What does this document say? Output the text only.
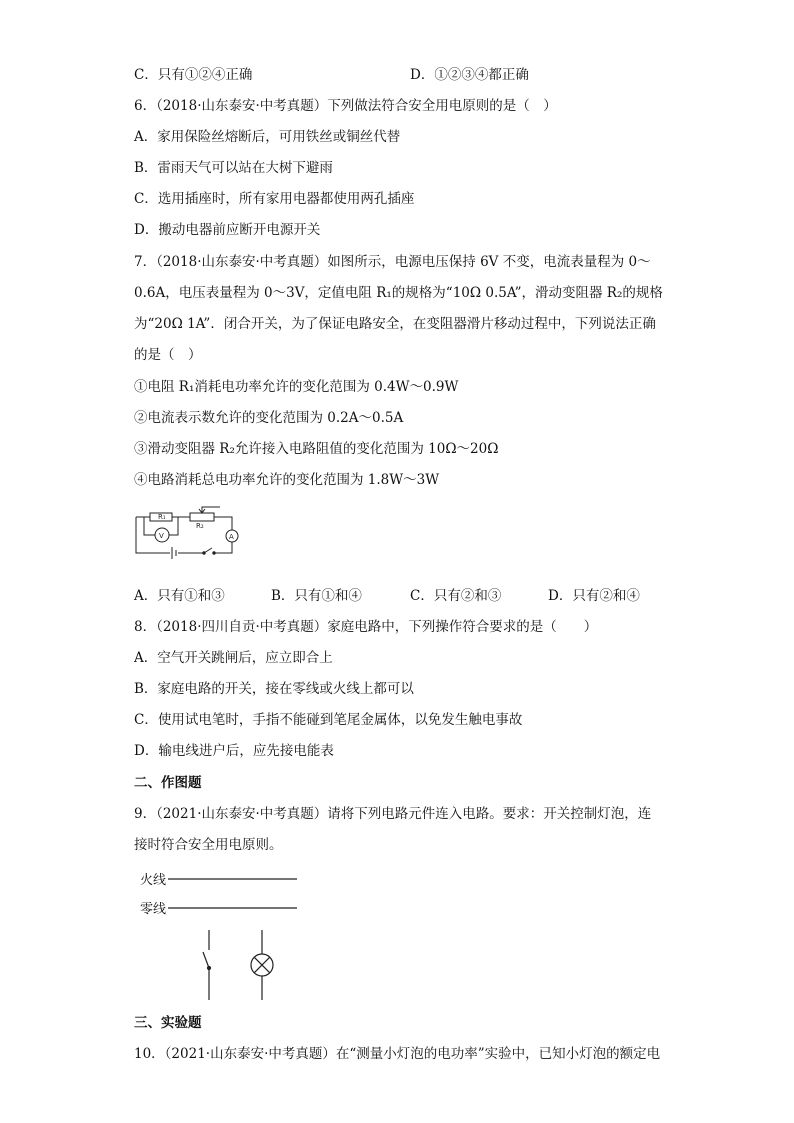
C．只有①②④正确	D．①②③④都正确
6．（2018·山东泰安·中考真题）下列做法符合安全用电原则的是（　）
A．家用保险丝熔断后，可用铁丝或铜丝代替
B．雷雨天气可以站在大树下避雨
C．选用插座时，所有家用电器都使用两孔插座
D．搬动电器前应断开电源开关
7．（2018·山东泰安·中考真题）如图所示，电源电压保持 6V 不变，电流表量程为 0～
0.6A，电压表量程为 0～3V，定值电阻 R₁的规格为“10Ω 0.5A”，滑动变阻器 R₂的规格
为“20Ω 1A”．闭合开关，为了保证电路安全，在变阻器滑片移动过程中，下列说法正确
的是（　）
①电阻 R₁消耗电功率允许的变化范围为 0.4W～0.9W
②电流表示数允许的变化范围为 0.2A～0.5A
③滑动变阻器 R₂允许接入电路阻值的变化范围为 10Ω～20Ω
④电路消耗总电功率允许的变化范围为 1.8W～3W
R₁
R₂
V	A
A．只有①和③	B．只有①和④	C．只有②和③	D．只有②和④
8．（2018·四川自贡·中考真题）家庭电路中，下列操作符合要求的是（　　）
A．空气开关跳闸后，应立即合上
B．家庭电路的开关，接在零线或火线上都可以
C．使用试电笔时，手指不能碰到笔尾金属体，以免发生触电事故
D．输电线进户后，应先接电能表
二、作图题
9．（2021·山东泰安·中考真题）请将下列电路元件连入电路。要求：开关控制灯泡，连
接时符合安全用电原则。
火线
零线
三、实验题
10．（2021·山东泰安·中考真题）在“测量小灯泡的电功率”实验中，已知小灯泡的额定电
